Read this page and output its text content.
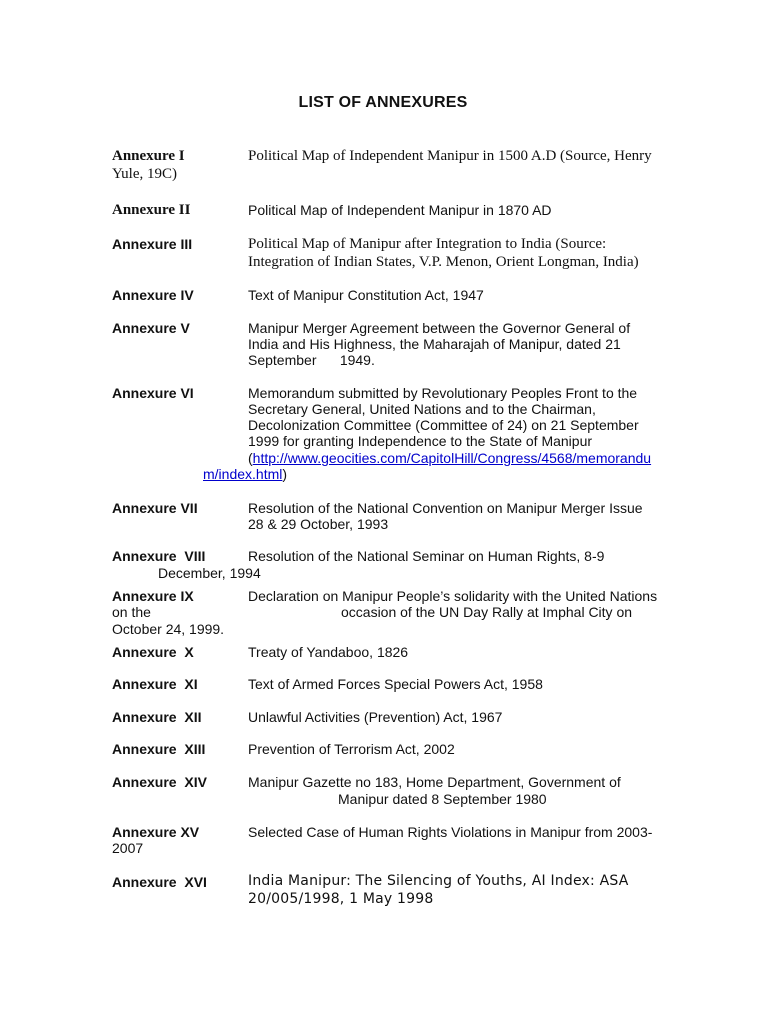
LIST OF ANNEXURES
Annexure I	Political Map of Independent Manipur in 1500 A.D (Source, Henry
Yule, 19C)
Annexure II	Political Map of Independent Manipur in 1870 AD
Annexure III	Political Map of Manipur after Integration to India (Source:
Integration of Indian States, V.P. Menon, Orient Longman, India)
Annexure IV	Text of Manipur Constitution Act, 1947
Annexure V	Manipur Merger Agreement between the Governor General of
India and His Highness, the Maharajah of Manipur, dated 21
September      1949.
Annexure VI	Memorandum submitted by Revolutionary Peoples Front to the
Secretary General, United Nations and to the Chairman,
Decolonization Committee (Committee of 24) on 21 September
1999 for granting Independence to the State of Manipur
(http://www.geocities.com/CapitolHill/Congress/4568/memorandu
m/index.html)
Annexure VII	Resolution of the National Convention on Manipur Merger Issue
28 & 29 October, 1993
Annexure  VIII	Resolution of the National Seminar on Human Rights, 8-9
December, 1994
Annexure IX	Declaration on Manipur People’s solidarity with the United Nations
on the	occasion of the UN Day Rally at Imphal City on
October 24, 1999.
Annexure  X	Treaty of Yandaboo, 1826
Annexure  XI	Text of Armed Forces Special Powers Act, 1958
Annexure  XII	Unlawful Activities (Prevention) Act, 1967
Annexure  XIII	Prevention of Terrorism Act, 2002
Annexure  XIV	Manipur Gazette no 183, Home Department, Government of
Manipur dated 8 September 1980
Annexure XV	Selected Case of Human Rights Violations in Manipur from 2003-
2007
Annexure  XVI	India Manipur: The Silencing of Youths, AI Index: ASA
20/005/1998, 1 May 1998
